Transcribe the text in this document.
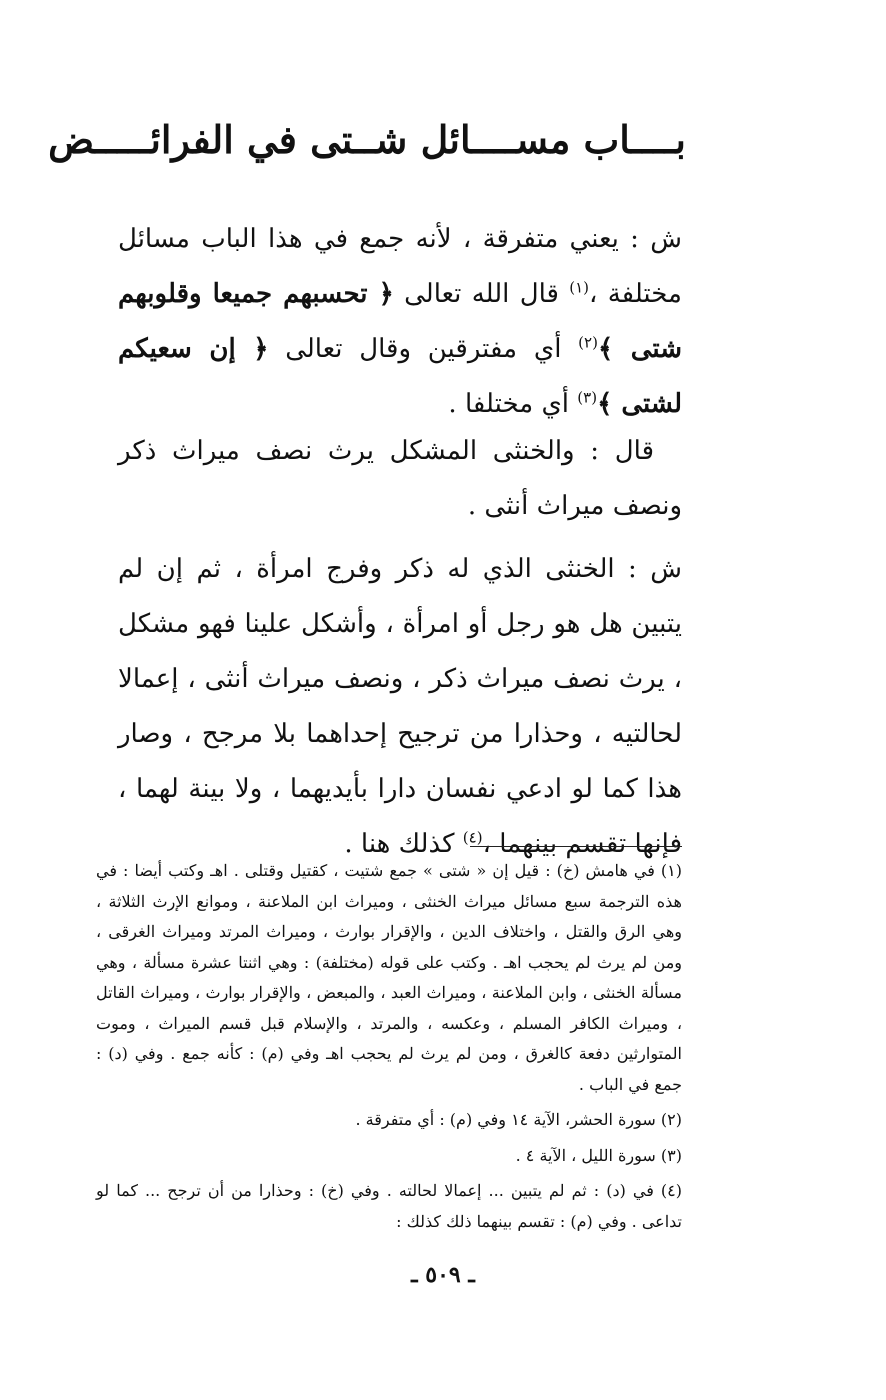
بــــاب مســــائل شــتى في الفرائـــــض
ش : يعني متفرقة ، لأنه جمع في هذا الباب مسائل مختلفة ،$^{(١)}$ قال الله تعالى ﴿ تحسبهم جميعا وقلوبهم شتى ﴾$^{(٢)}$ أي مفترقين وقال تعالى ﴿ إن سعيكم لشتى ﴾$^{(٣)}$ أي مختلفا .
قال : والخنثى المشكل يرث نصف ميراث ذكر ونصف ميراث أنثى .
ش : الخنثى الذي له ذكر وفرج امرأة ، ثم إن لم يتبين هل هو رجل أو امرأة ، وأشكل علينا فهو مشكل ، يرث نصف ميراث ذكر ، ونصف ميراث أنثى ، إعمالا لحالتيه ، وحذارا من ترجيح إحداهما بلا مرجح ، وصار هذا كما لو ادعي نفسان دارا بأيديهما ، ولا بينة لهما ، فإنها تقسم بينهما ،$^{(٤)}$ كذلك هنا .

(١) في هامش (خ) : قيل إن « شتى » جمع شتيت ، كقتيل وقتلى . اهـ وكتب أيضا : في هذه الترجمة سبع مسائل ميراث الخنثى ، وميراث ابن الملاعنة ، وموانع الإرث الثلاثة ، وهي الرق والقتل ، واختلاف الدين ، والإقرار بوارث ، وميراث المرتد وميراث الغرقى ، ومن لم يرث لم يحجب اهـ . وكتب على قوله (مختلفة) : وهي اثنتا عشرة مسألة ، وهي مسألة الخنثى ، وابن الملاعنة ، وميراث العبد ، والمبعض ، والإقرار بوارث ، وميراث القاتل ، وميراث الكافر المسلم ، وعكسه ، والمرتد ، والإسلام قبل قسم الميراث ، وموت المتوارثين دفعة كالغرق ، ومن لم يرث لم يحجب اهـ وفي (م) : كأنه جمع . وفي (د) : جمع في الباب .

(٢) سورة الحشر، الآية ١٤ وفي (م) : أي متفرقة .

(٣) سورة الليل ، الآية ٤ .

(٤) في (د) : ثم لم يتبين ... إعمالا لحالته . وفي (خ) : وحذارا من أن ترجح ... كما لو تداعى . وفي (م) : تقسم بينهما ذلك كذلك :

ـ ٥٠٩ ـ
